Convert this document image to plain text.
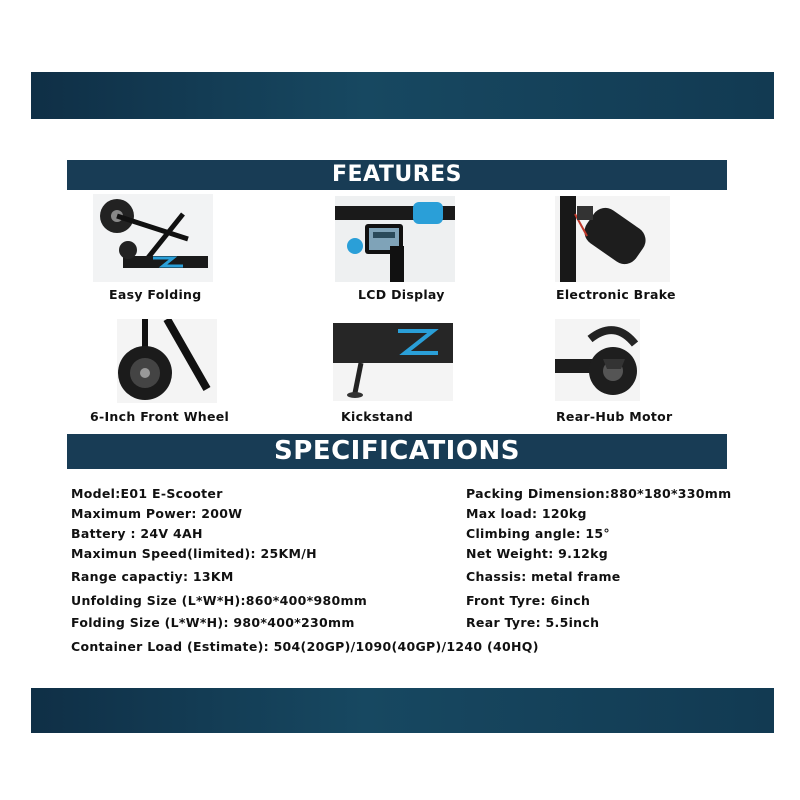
FEATURES
Easy Folding	LCD Display	Electronic Brake
6-Inch Front Wheel	Kickstand	Rear-Hub Motor
SPECIFICATIONS
Model:E01 E-Scooter
Maximum Power: 200W
Battery : 24V 4AH
Maximun Speed(limited): 25KM/H
Range capactiy: 13KM
Unfolding Size (L*W*H):860*400*980mm
Folding Size (L*W*H): 980*400*230mm
Container Load (Estimate): 504(20GP)/1090(40GP)/1240 (40HQ)
Packing Dimension:880*180*330mm
Max load: 120kg
Climbing angle: 15°
Net Weight: 9.12kg
Chassis: metal frame
Front Tyre: 6inch
Rear Tyre: 5.5inch
